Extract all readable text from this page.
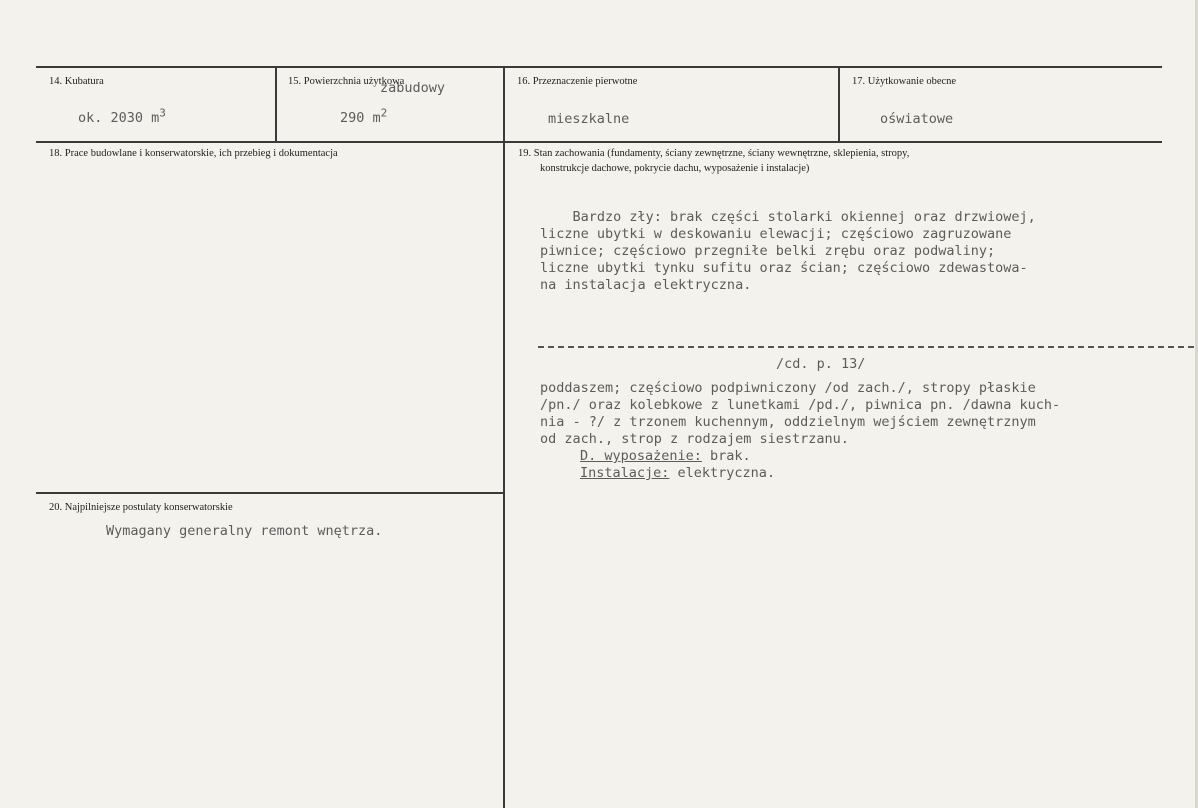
14. Kubatura
ok. 2030 $m^3$
15. Powierzchnia użytkowa
zabudowy
290 $m^2$
16. Przeznaczenie pierwotne
mieszkalne
17. Użytkowanie obecne
oświatowe
18. Prace budowlane i konserwatorskie, ich przebieg i dokumentacja	19. Stan zachowania (fundamenty, ściany zewnętrzne, ściany wewnętrzne, sklepienia, stropy,
konstrukcje dachowe, pokrycie dachu, wyposażenie i instalacje)
Bardzo zły: brak części stolarki okiennej oraz drzwiowej,
liczne ubytki w deskowaniu elewacji; częściowo zagruzowane
piwnice; częściowo przegniłe belki zrębu oraz podwaliny;
liczne ubytki tynku sufitu oraz ścian; częściowo zdewastowa-
na instalacja elektryczna.
/cd. p. 13/
poddaszem; częściowo podpiwniczony /od zach./, stropy płaskie
/pn./ oraz kolebkowe z lunetkami /pd./, piwnica pn. /dawna kuch-
nia - ?/ z trzonem kuchennym, oddzielnym wejściem zewnętrznym
od zach., strop z rodzajem siestrzanu.
D. wyposażenie: brak.
Instalacje: elektryczna.
20. Najpilniejsze postulaty konserwatorskie
Wymagany generalny remont wnętrza.
